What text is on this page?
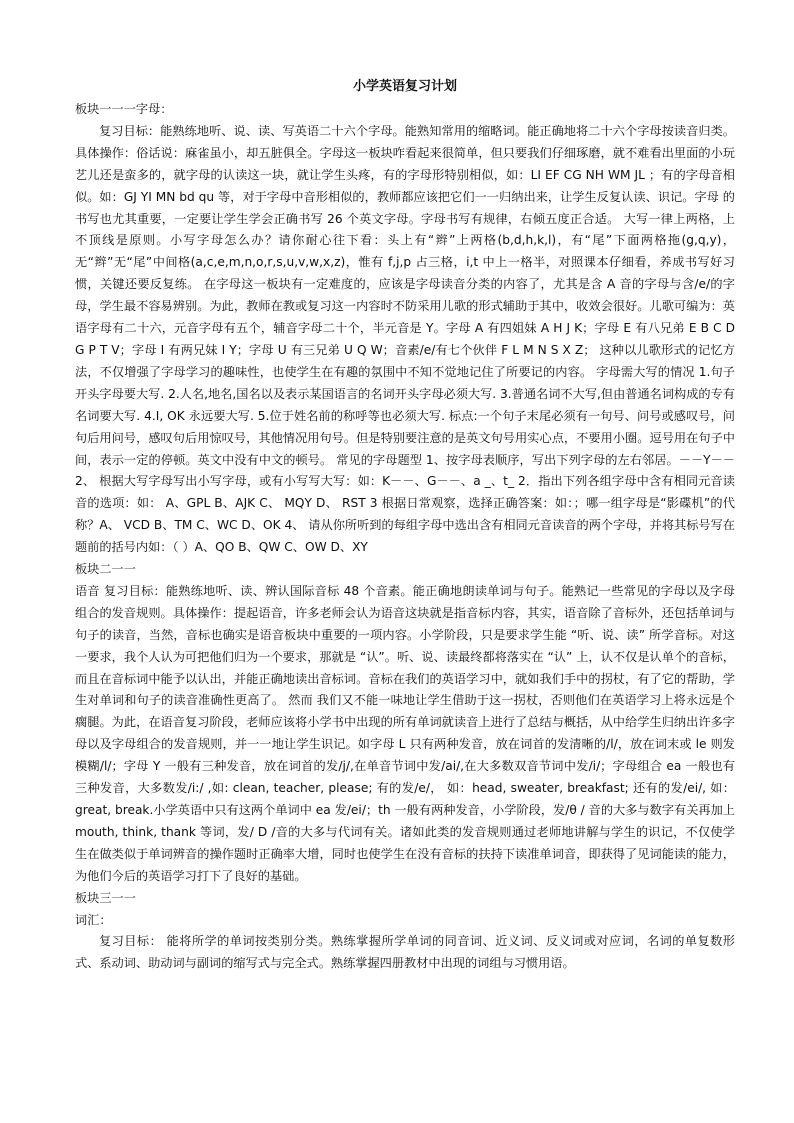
小学英语复习计划
板块一一一字母：

复习目标：能熟练地听、说、读、写英语二十六个字母。能熟知常用的缩略词。能正确地将二十六个字母按读音归类。具体操作：俗话说：麻雀虽小，却五脏俱全。字母这一板块咋看起来很简单，但只要我们仔细琢磨，就不难看出里面的小玩艺儿还是蛮多的，就字母的认读这一块，就让学生头疼，有的字母形特别相似，如：LI EF CG NH WM JL ；有的字母音相似。如：GJ YI MN bd qu 等，对于字母中音形相似的，教师都应该把它们一一归纳出来，让学生反复认读、识记。字母 的书写也尤其重要，一定要让学生学会正确书写 26 个英文字母。字母书写有规律，右倾五度正合适。 大写一律上两格，上不顶线是原则。小写字母怎么办？请你耐心往下看：头上有“辫”上两格(b,d,h,k,l)，有“尾”下面两格拖(g,q,y)，无“辫”无“尾”中间格(a,c,e,m,n,o,r,s,u,v,w,x,z)，惟有 f,j,p 占三格，i,t 中上一格半，对照课本仔细看，养成书写好习惯，关键还要反复练。 在字母这一板块有一定难度的，应该是字母读音分类的内容了，尤其是含 A 音的字母与含/e/的字母，学生最不容易辨别。为此，教师在教或复习这一内容时不防采用儿歌的形式辅助于其中，收效会很好。儿歌可编为：英语字母有二十六，元音字母有五个，辅音字母二十个，半元音是 Y。字母 A 有四姐妹 A H J K；字母 E 有八兄弟 E B C D G P T V；字母 I 有两兄妹 I Y；字母 U 有三兄弟 U Q W；音素/e/有七个伙伴 F L M N S X Z； 这种以儿歌形式的记忆方法，不仅增强了字母学习的趣味性，也使学生在有趣的氛围中不知不觉地记住了所要记的内容。 字母需大写的情况 1.句子开头字母要大写. 2.人名,地名,国名以及表示某国语言的名词开头字母必须大写. 3.普通名词不大写,但由普通名词构成的专有名词要大写. 4.I, OK 永远要大写. 5.位于姓名前的称呼等也必须大写. 标点:一个句子末尾必须有一句号、问号或感叹号，问句后用问号，感叹句后用惊叹号，其他情况用句号。但是特别要注意的是英文句号用实心点，不要用小圈。逗号用在句子中间，表示一定的停顿。英文中没有中文的顿号。 常见的字母题型 1、按字母表顺序，写出下列字母的左右邻居。－－Y－－ 2、 根据大写字母写出小写字母，或有小写写大写：如：K－－、G－－、a _、t_ 2．指出下列各组字母中含有相同元音读音的选项：如： A、GPL B、AJK C、 MQY D、 RST 3 根据日常观察，选择正确答案：如：；哪一组字母是“影碟机”的代称？A、 VCD B、TM C、WC D、OK 4、 请从你所听到的每组字母中选出含有相同元音读音的两个字母，并将其标号写在题前的括号内如：（ ）A、QO B、QW C、OW D、XY

板块二一一

语音 复习目标：能熟练地听、读、辨认国际音标 48 个音素。能正确地朗读单词与句子。能熟记一些常见的字母以及字母组合的发音规则。具体操作：提起语音，许多老师会认为语音这块就是指音标内容，其实，语音除了音标外，还包括单词与句子的读音，当然，音标也确实是语音板块中重要的一项内容。小学阶段，只是要求学生能 “听、说、读” 所学音标。对这一要求，我个人认为可把他们归为一个要求，那就是 “认”。听、说、读最终都将落实在 “认” 上，认不仅是认单个的音标，而且在音标词中能予以认出，并能正确地读出音标词。音标在我们的英语学习中，就如我们手中的拐杖，有了它的帮助，学生对单词和句子的读音准确性更高了。 然而 我们又不能一味地让学生借助于这一拐杖，否则他们在英语学习上将永远是个瘸腿。为此，在语音复习阶段，老师应该将小学书中出现的所有单词就读音上进行了总结与概括，从中给学生归纳出许多字母以及字母组合的发音规则，并一一地让学生识记。如字母 L 只有两种发音，放在词首的发清晰的/l/，放在词末或 le 则发模糊/l/；字母 Y 一般有三种发音，放在词首的发/j/,在单音节词中发/ai/,在大多数双音节词中发/i/；字母组合 ea 一般也有三种发音，大多数发/i:/ ,如: clean, teacher, please; 有的发/e/， 如：head, sweater, breakfast; 还有的发/ei/, 如：great, break.小学英语中只有这两个单词中 ea 发/ei/；th 一般有两种发音，小学阶段，发/θ / 音的大多与数字有关再加上 mouth, think, thank 等词，发/ D /音的大多与代词有关。诸如此类的发音规则通过老师地讲解与学生的识记，不仅使学生在做类似于单词辨音的操作题时正确率大增，同时也使学生在没有音标的扶持下读准单词音，即获得了见词能读的能力，为他们今后的英语学习打下了良好的基础。

板块三一一
词汇：

复习目标： 能将所学的单词按类别分类。熟练掌握所学单词的同音词、近义词、反义词或对应词，名词的单复数形式、系动词、助动词与副词的缩写式与完全式。熟练掌握四册教材中出现的词组与习惯用语。
